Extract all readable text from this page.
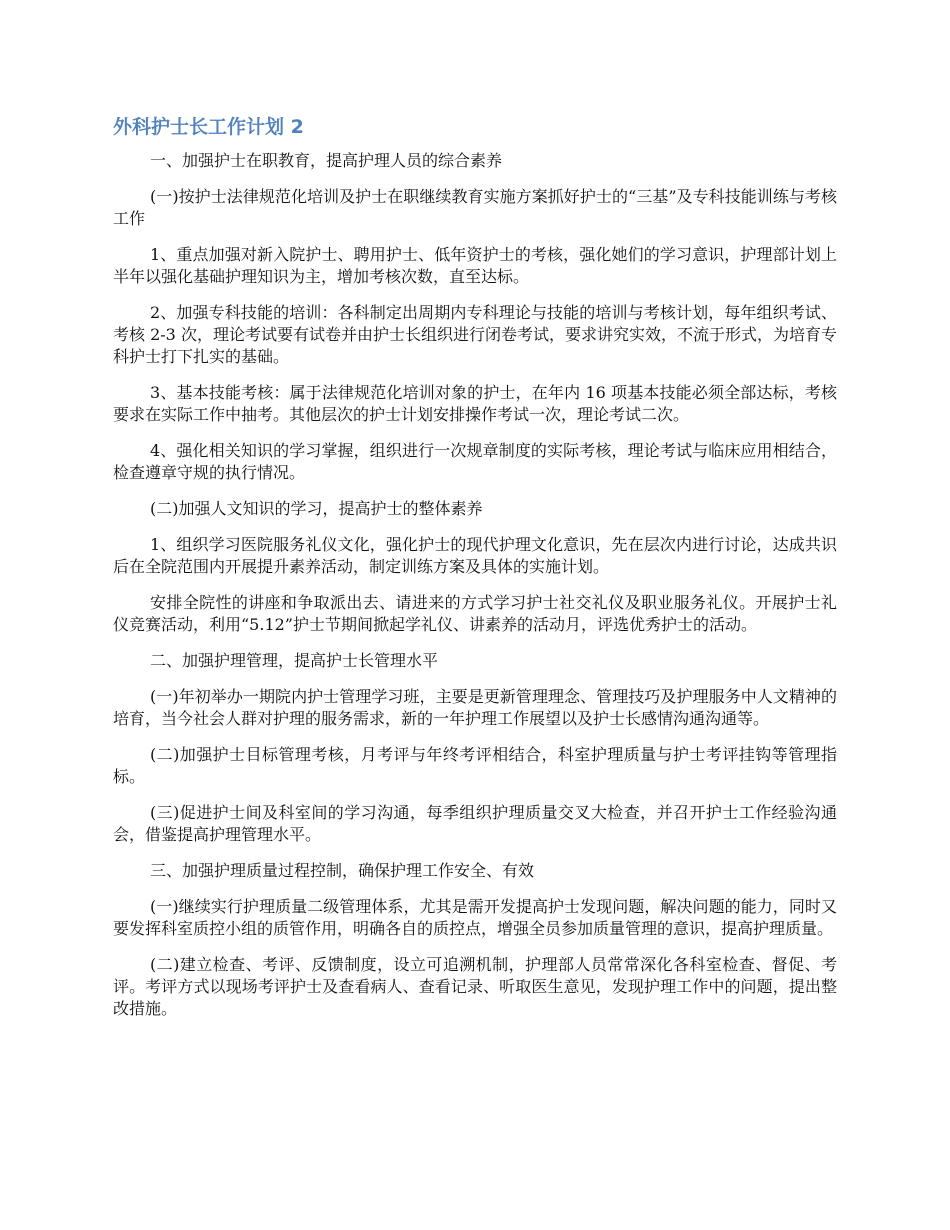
外科护士长工作计划 2

一、加强护士在职教育，提高护理人员的综合素养

(一)按护士法律规范化培训及护士在职继续教育实施方案抓好护士的“三基”及专科技能训练与考核工作

1、重点加强对新入院护士、聘用护士、低年资护士的考核，强化她们的学习意识，护理部计划上半年以强化基础护理知识为主，增加考核次数，直至达标。

2、加强专科技能的培训：各科制定出周期内专科理论与技能的培训与考核计划，每年组织考试、考核 2-3 次，理论考试要有试卷并由护士长组织进行闭卷考试，要求讲究实效，不流于形式，为培育专科护士打下扎实的基础。

3、基本技能考核：属于法律规范化培训对象的护士，在年内 16 项基本技能必须全部达标，考核要求在实际工作中抽考。其他层次的护士计划安排操作考试一次，理论考试二次。

4、强化相关知识的学习掌握，组织进行一次规章制度的实际考核，理论考试与临床应用相结合，检查遵章守规的执行情况。

(二)加强人文知识的学习，提高护士的整体素养

1、组织学习医院服务礼仪文化，强化护士的现代护理文化意识，先在层次内进行讨论，达成共识后在全院范围内开展提升素养活动，制定训练方案及具体的实施计划。

安排全院性的讲座和争取派出去、请进来的方式学习护士社交礼仪及职业服务礼仪。开展护士礼仪竞赛活动，利用“5.12”护士节期间掀起学礼仪、讲素养的活动月，评选优秀护士的活动。

二、加强护理管理，提高护士长管理水平

(一)年初举办一期院内护士管理学习班，主要是更新管理理念、管理技巧及护理服务中人文精神的培育，当今社会人群对护理的服务需求，新的一年护理工作展望以及护士长感情沟通沟通等。

(二)加强护士目标管理考核，月考评与年终考评相结合，科室护理质量与护士考评挂钩等管理指标。

(三)促进护士间及科室间的学习沟通，每季组织护理质量交叉大检查，并召开护士工作经验沟通会，借鉴提高护理管理水平。

三、加强护理质量过程控制，确保护理工作安全、有效

(一)继续实行护理质量二级管理体系，尤其是需开发提高护士发现问题，解决问题的能力，同时又要发挥科室质控小组的质管作用，明确各自的质控点，增强全员参加质量管理的意识，提高护理质量。

(二)建立检查、考评、反馈制度，设立可追溯机制，护理部人员常常深化各科室检查、督促、考评。考评方式以现场考评护士及查看病人、查看记录、听取医生意见，发现护理工作中的问题，提出整改措施。
